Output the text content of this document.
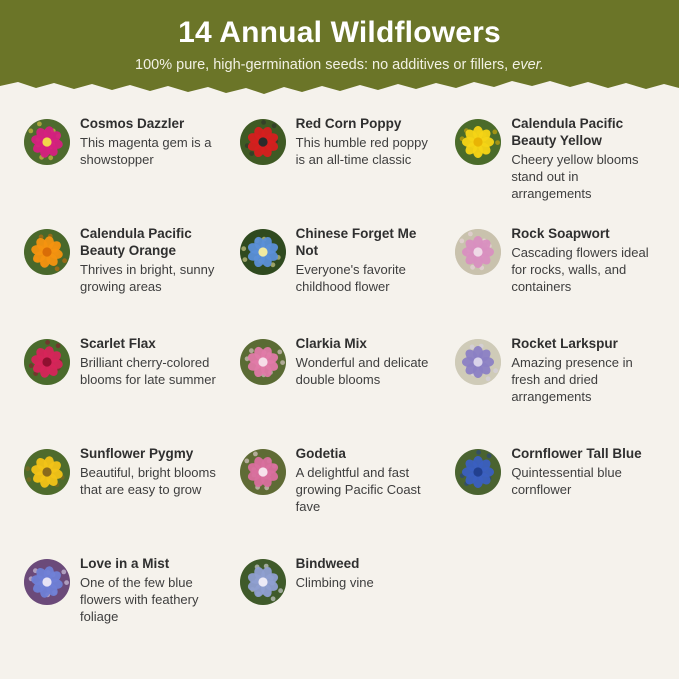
14 Annual Wildflowers
100% pure, high-germination seeds: no additives or fillers, ever.
Cosmos Dazzler
This magenta gem is a showstopper
Red Corn Poppy
This humble red poppy is an all-time classic
Calendula Pacific Beauty Yellow
Cheery yellow blooms stand out in arrangements
Calendula Pacific Beauty Orange
Thrives in bright, sunny growing areas
Chinese Forget Me Not
Everyone's favorite childhood flower
Rock Soapwort
Cascading flowers ideal for rocks, walls, and containers
Scarlet Flax
Brilliant cherry-colored blooms for late summer
Clarkia Mix
Wonderful and delicate double blooms
Rocket Larkspur
Amazing presence in fresh and dried arrangements
Sunflower Pygmy
Beautiful, bright blooms that are easy to grow
Godetia
A delightful and fast growing Pacific Coast fave
Cornflower Tall Blue
Quintessential blue cornflower
Love in a Mist
One of the few blue flowers with feathery foliage
Bindweed
Climbing vine
